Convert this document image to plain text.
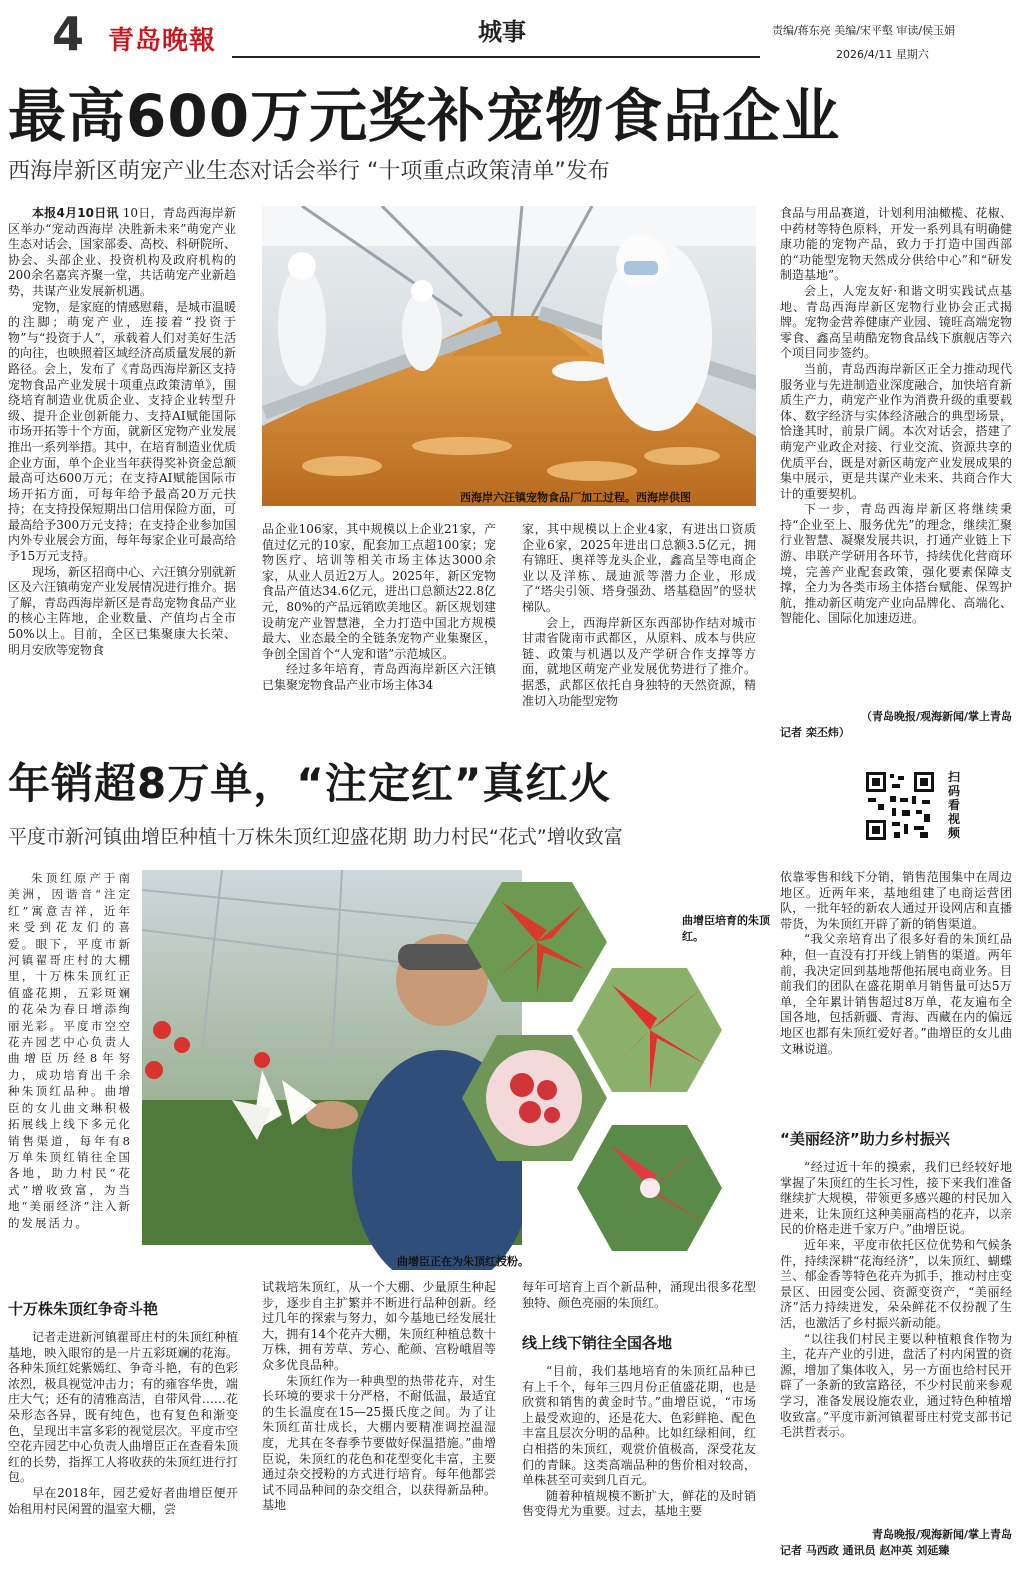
4 青岛晚報	城事	责编/蒋东亮 美编/宋平壑 审读/侯玉娟
2026/4/11 星期六
最高600万元奖补宠物食品企业
西海岸新区萌宠产业生态对话会举行 “十项重点政策清单”发布

本报4月10日讯 10日，青岛西海岸新区举办“宠动西海岸 决胜新未来”萌宠产业生态对话会，国家部委、高校、科研院所、协会、头部企业、投资机构及政府机构的200余名嘉宾齐聚一堂，共话萌宠产业新趋势，共谋产业发展新机遇。

宠物，是家庭的情感慰藉，是城市温暖的注脚；萌宠产业，连接着“投资于物”与“投资于人”，承载着人们对美好生活的向往，也映照着区域经济高质量发展的新路径。会上，发布了《青岛西海岸新区支持宠物食品产业发展十项重点政策清单》，围绕培育制造业优质企业、支持企业转型升级、提升企业创新能力、支持AI赋能国际市场开拓等十个方面，就新区宠物产业发展推出一系列举措。其中，在培育制造业优质企业方面，单个企业当年获得奖补资金总额最高可达600万元；在支持AI赋能国际市场开拓方面，可每年给予最高20万元扶持；在支持投保短期出口信用保险方面，可最高给予300万元支持；在支持企业参加国内外专业展会方面，每年每家企业可最高给予15万元支持。

现场，新区招商中心、六汪镇分别就新区及六汪镇萌宠产业发展情况进行推介。据了解，青岛西海岸新区是青岛宠物食品产业的核心主阵地，企业数量、产值均占全市50%以上。目前，全区已集聚康大长荣、明月安欣等宠物食

西海岸六汪镇宠物食品厂加工过程。西海岸供图

品企业106家，其中规模以上企业21家，产值过亿元的10家，配套加工点超100家；宠物医疗、培训等相关市场主体达3000余家，从业人员近2万人。2025年，新区宠物食品产值达34.6亿元，进出口总额达22.8亿元，80%的产品远销欧美地区。新区规划建设萌宠产业智慧港，全力打造中国北方规模最大、业态最全的全链条宠物产业集聚区，争创全国首个“人宠和谐”示范城区。

经过多年培育，青岛西海岸新区六汪镇已集聚宠物食品产业市场主体34

家，其中规模以上企业4家，有进出口资质企业6家，2025年进出口总额3.5亿元，拥有锦旺、奥祥等龙头企业，鑫高呈等电商企业以及洋栋、晟迪派等潜力企业，形成了“塔尖引领、塔身强劲、塔基稳固”的竖状梯队。

会上，西海岸新区东西部协作结对城市甘肃省陇南市武都区，从原料、成本与供应链、政策与机遇以及产学研合作支撑等方面，就地区萌宠产业发展优势进行了推介。据悉，武都区依托自身独特的天然资源，精准切入功能型宠物

食品与用品赛道，计划利用油橄榄、花椒、中药材等特色原料，开发一系列具有明确健康功能的宠物产品，致力于打造中国西部的“功能型宠物天然成分供给中心”和“研发制造基地”。

会上，人宠友好·和谐文明实践试点基地、青岛西海岸新区宠物行业协会正式揭牌。宠物金营养健康产业园、镜旺高端宠物零食、鑫高呈萌酷宠物食品线下旗舰店等六个项目同步签约。

当前，青岛西海岸新区正全力推动现代服务业与先进制造业深度融合，加快培育新质生产力，萌宠产业作为消费升级的重要载体、数字经济与实体经济融合的典型场景，恰逢其时，前景广阔。本次对话会，搭建了萌宠产业政企对接、行业交流、资源共享的优质平台，既是对新区萌宠产业发展成果的集中展示，更是共谋产业未来、共商合作大计的重要契机。

下一步，青岛西海岸新区将继续秉持“企业至上、服务优先”的理念，继续汇聚行业智慧、凝聚发展共识，打通产业链上下游、串联产学研用各环节，持续优化营商环境，完善产业配套政策，强化要素保障支撑，全力为各类市场主体搭台赋能、保驾护航，推动新区萌宠产业向品牌化、高端化、智能化、国际化加速迈进。

（青岛晚报/观海新闻/掌上青岛
记者 栾丕炜）
年销超8万单，“注定红”真红火
平度市新河镇曲增臣种植十万株朱顶红迎盛花期 助力村民“花式”增收致富
扫码看视频

朱顶红原产于南美洲，因谐音“注定红”寓意吉祥，近年来受到花友们的喜爱。眼下，平度市新河镇翟哥庄村的大棚里，十万株朱顶红正值盛花期，五彩斑斓的花朵为春日增添绚丽光彩。平度市空空花卉园艺中心负责人曲增臣历经8年努力，成功培育出千余种朱顶红品种。曲增臣的女儿曲文琳积极拓展线上线下多元化销售渠道，每年有8万单朱顶红销往全国各地，助力村民“花式”增收致富，为当地“美丽经济”注入新的发展活力。

曲增臣培育的朱顶红。
曲增臣正在为朱顶红授粉。
十万株朱顶红争奇斗艳

记者走进新河镇翟哥庄村的朱顶红种植基地，映入眼帘的是一片五彩斑斓的花海。各种朱顶红姹紫嫣红、争奇斗艳，有的色彩浓烈，极具视觉冲击力；有的雍容华贵，端庄大气；还有的清雅高洁，自带风骨……花朵形态各异，既有纯色，也有复色和渐变色，呈现出丰富多彩的视觉层次。平度市空空花卉园艺中心负责人曲增臣正在查看朱顶红的长势，指挥工人将收获的朱顶红进行打包。

早在2018年，园艺爱好者曲增臣便开始租用村民闲置的温室大棚，尝

试栽培朱顶红，从一个大棚、少量原生种起步，逐步自主扩繁并不断进行品种创新。经过几年的探索与努力，如今基地已经发展壮大，拥有14个花卉大棚，朱顶红种植总数十万株，拥有芳草、芳心、酡颜、宫粉峨眉等众多优良品种。

朱顶红作为一种典型的热带花卉，对生长环境的要求十分严格，不耐低温，最适宜的生长温度在15—25摄氏度之间。为了让朱顶红苗壮成长，大棚内要精准调控温湿度，尤其在冬春季节要做好保温措施。”曲增臣说，朱顶红的花色和花型变化丰富，主要通过杂交授粉的方式进行培育。每年他都尝试不同品种间的杂交组合，以获得新品种。基地

每年可培育上百个新品种，涌现出很多花型独特、颜色亮丽的朱顶红。

线上线下销往全国各地

“目前，我们基地培育的朱顶红品种已有上千个，每年三四月份正值盛花期，也是欣赏和销售的黄金时节。”曲增臣说，“市场上最受欢迎的，还是花大、色彩鲜艳、配色丰富且层次分明的品种。比如红绿相间，红白相搭的朱顶红，观赏价值极高，深受花友们的青睐。这类高端品种的售价相对较高，单株甚至可卖到几百元。

随着种植规模不断扩大，鲜花的及时销售变得尤为重要。过去，基地主要

依靠零售和线下分销，销售范围集中在周边地区。近两年来，基地组建了电商运营团队，一批年轻的新农人通过开设网店和直播带货，为朱顶红开辟了新的销售渠道。

“我父亲培育出了很多好看的朱顶红品种，但一直没有打开线上销售的渠道。两年前，我决定回到基地帮他拓展电商业务。目前我们的团队在盛花期单月销售量可达5万单，全年累计销售超过8万单，花友遍布全国各地，包括新疆、青海、西藏在内的偏远地区也都有朱顶红爱好者。”曲增臣的女儿曲文琳说道。

“美丽经济”助力乡村振兴

“经过近十年的摸索，我们已经较好地掌握了朱顶红的生长习性，接下来我们准备继续扩大规模，带领更多感兴趣的村民加入进来，让朱顶红这种美丽高档的花卉，以亲民的价格走进千家万户。”曲增臣说。

近年来，平度市依托区位优势和气候条件，持续深耕“花海经济”，以朱顶红、蝴蝶兰、郁金香等特色花卉为抓手，推动村庄变景区、田园变公园、资源变资产，“美丽经济”活力持续迸发，朵朵鲜花不仅扮靓了生活，也激活了乡村振兴新动能。

“以往我们村民主要以种植粮食作物为主，花卉产业的引进，盘活了村内闲置的资源，增加了集体收入，另一方面也给村民开辟了一条新的致富路径，不少村民前来参观学习，准备发展设施农业，通过特色种植增收致富。”平度市新河镇翟哥庄村党支部书记毛洪哲表示。

青岛晚报/观海新闻/掌上青岛
记者 马西政 通讯员 赵冲英 刘延臻
